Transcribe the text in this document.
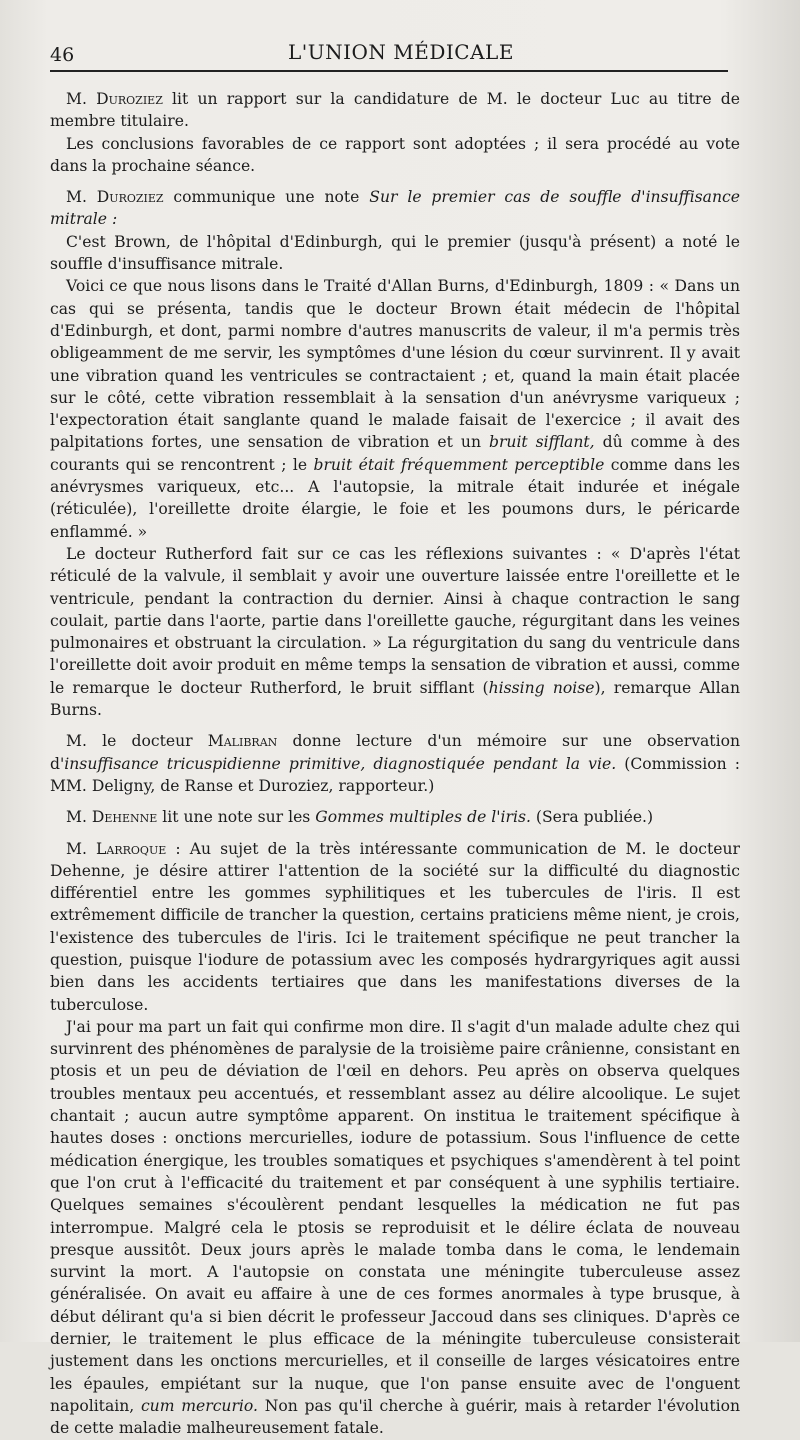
46	L'UNION MÉDICALE

M. Duroziez lit un rapport sur la candidature de M. le docteur Luc au titre de membre titulaire.

Les conclusions favorables de ce rapport sont adoptées ; il sera procédé au vote dans la prochaine séance.

M. Duroziez communique une note Sur le premier cas de souffle d'insuffisance mitrale :

C'est Brown, de l'hôpital d'Edinburgh, qui le premier (jusqu'à présent) a noté le souffle d'insuffisance mitrale.

Voici ce que nous lisons dans le Traité d'Allan Burns, d'Edinburgh, 1809 : « Dans un cas qui se présenta, tandis que le docteur Brown était médecin de l'hôpital d'Edinburgh, et dont, parmi nombre d'autres manuscrits de valeur, il m'a permis très obligeamment de me servir, les symptômes d'une lésion du cœur survinrent. Il y avait une vibration quand les ventricules se contractaient ; et, quand la main était placée sur le côté, cette vibration ressemblait à la sensation d'un anévrysme variqueux ; l'expectoration était sanglante quand le malade faisait de l'exercice ; il avait des palpitations fortes, une sensation de vibration et un bruit sifflant, dû comme à des courants qui se rencontrent ; le bruit était fréquemment perceptible comme dans les anévrysmes variqueux, etc... A l'autopsie, la mitrale était indurée et inégale (réticulée), l'oreillette droite élargie, le foie et les poumons durs, le péricarde enflammé. »

Le docteur Rutherford fait sur ce cas les réflexions suivantes : « D'après l'état réticulé de la valvule, il semblait y avoir une ouverture laissée entre l'oreillette et le ventricule, pendant la contraction du dernier. Ainsi à chaque contraction le sang coulait, partie dans l'aorte, partie dans l'oreillette gauche, régurgitant dans les veines pulmonaires et obstruant la circulation. » La régurgitation du sang du ventricule dans l'oreillette doit avoir produit en même temps la sensation de vibration et aussi, comme le remarque le docteur Rutherford, le bruit sifflant (hissing noise), remarque Allan Burns.

M. le docteur Malibran donne lecture d'un mémoire sur une observation d'insuffisance tricuspidienne primitive, diagnostiquée pendant la vie. (Commission : MM. Deligny, de Ranse et Duroziez, rapporteur.)

M. Dehenne lit une note sur les Gommes multiples de l'iris. (Sera publiée.)

M. Larroque : Au sujet de la très intéressante communication de M. le docteur Dehenne, je désire attirer l'attention de la société sur la difficulté du diagnostic différentiel entre les gommes syphilitiques et les tubercules de l'iris. Il est extrêmement difficile de trancher la question, certains praticiens même nient, je crois, l'existence des tubercules de l'iris. Ici le traitement spécifique ne peut trancher la question, puisque l'iodure de potassium avec les composés hydrargyriques agit aussi bien dans les accidents tertiaires que dans les manifestations diverses de la tuberculose.

J'ai pour ma part un fait qui confirme mon dire. Il s'agit d'un malade adulte chez qui survinrent des phénomènes de paralysie de la troisième paire crânienne, consistant en ptosis et un peu de déviation de l'œil en dehors. Peu après on observa quelques troubles mentaux peu accentués, et ressemblant assez au délire alcoolique. Le sujet chantait ; aucun autre symptôme apparent. On institua le traitement spécifique à hautes doses : onctions mercurielles, iodure de potassium. Sous l'influence de cette médication énergique, les troubles somatiques et psychiques s'amendèrent à tel point que l'on crut à l'efficacité du traitement et par conséquent à une syphilis tertiaire. Quelques semaines s'écoulèrent pendant lesquelles la médication ne fut pas interrompue. Malgré cela le ptosis se reproduisit et le délire éclata de nouveau presque aussitôt. Deux jours après le malade tomba dans le coma, le lendemain survint la mort. A l'autopsie on constata une méningite tuberculeuse assez généralisée. On avait eu affaire à une de ces formes anormales à type brusque, à début délirant qu'a si bien décrit le professeur Jaccoud dans ses cliniques. D'après ce dernier, le traitement le plus efficace de la méningite tuberculeuse consisterait justement dans les onctions mercurielles, et il conseille de larges vésicatoires entre les épaules, empiétant sur la nuque, que l'on panse ensuite avec de l'onguent napolitain, cum mercurio. Non pas qu'il cherche à guérir, mais à retarder l'évolution de cette maladie malheureusement fatale.
